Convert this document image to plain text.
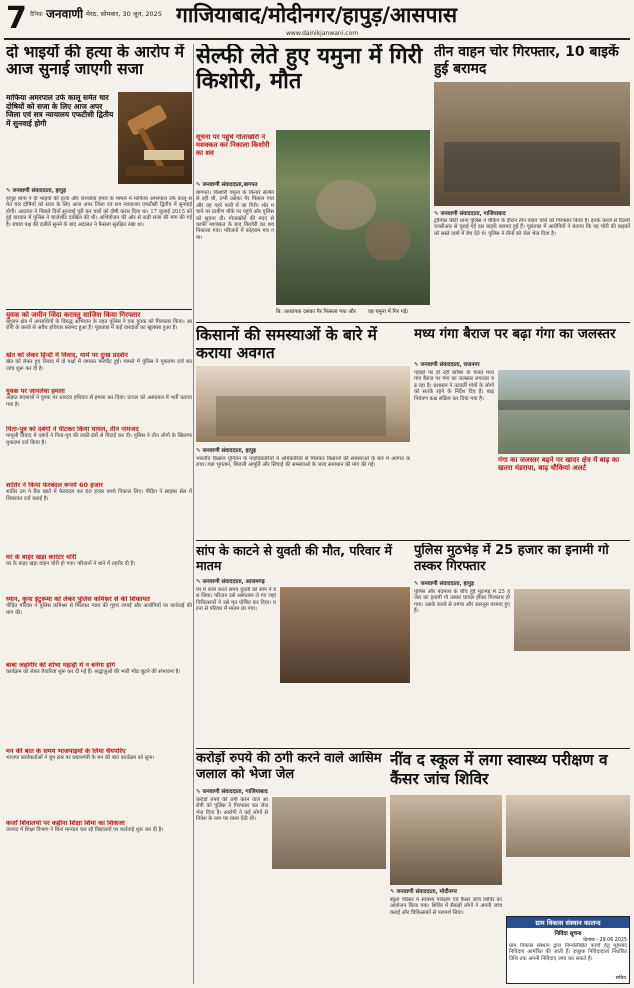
7 दैनिक जनवाणी मेरठ, सोमवार, 30 जून, 2025 गाजियाबाद/मोदीनगर/हापुड़/आसपास
www.dainikjanwani.com
दो भाइयों की हत्या के आरोप में आज सुनाई जाएगी सजा
माफिया अमरपाल उर्फ कालू समेत चार दोषियों को सजा के लिए आज अपर जिला एवं सत्र न्यायालय एफटीसी द्वितीय में सुनवाई होगी
✎ जनवाणी संवाददाता, हापुड़
हापुड़ थाना नं दो भाइयों की हत्या और जानलेवा हमले के मामले में माफिया अमरपाल उर्फ कालू समेत चार दोषियों को सजा के लिए आज अपर जिला एवं सत्र न्यायालय एफटीसी द्वितीय में सुनवाई होगी। अदालत ने पिछले दिनों सुनवाई पूरी कर चारों को दोषी करार दिया था। 17 जुलाई 2015 को हुई वारदात में पुलिस ने चार्जशीट दाखिल की थी। अभियोजन की ओर से कड़ी सजा की मांग की गई है। बचाव पक्ष की दलीलें सुनने के बाद अदालत ने फैसला सुरक्षित रखा था।
सेल्फी लेते हुए यमुना में गिरी किशोरी, मौत
सूचना पर पहुंचे गोताखोरों ने मशक्कत कर निकाला किशोरी का शव
✎ जनवाणी संवाददाता,बागपत
बागपत। किशोरी यमुना के किनारे सेल्फी ले रही थी, तभी उसका पैर फिसल गया और वह गहरे पानी में जा गिरी। शोर मचाने पर ग्रामीण मौके पर पहुंचे और पुलिस को सूचना दी। गोताखोरों की मदद से काफी मशक्कत के बाद किशोरी का शव निकाला गया। परिजनों में कोहराम मच गया।
बि: अध्यापक दसका पैर फिसला गया और वह यमुना में गिर गई।
तीन वाहन चोर गिरफ्तार, 10 बाइकें हुई बरामद
✎ जनवाणी संवाददाता, गाजियाबाद
ट्रोनिका सिटी थाना पुलिस ने चेकिंग के दौरान तीन वाहन चोरों को गिरफ्तार किया है। इनके कब्जे से दिल्ली एनसीआर से चुराई गई दस बाइकें बरामद हुई हैं। पूछताछ में आरोपियों ने बताया कि वह चोरी की बाइकों को सस्ते दामों में बेच देते थे। पुलिस ने तीनों को जेल भेज दिया है।
युवक को जमीन जिंदा करास्तु साजिश किया गिरफ्तार
बहुजन क्षेत्र में अपराधियों के विरुद्ध अभियान के तहत पुलिस ने एक युवक को गिरफ्तार किया। आरोपी के कब्जे से अवैध हथियार बरामद हुआ है। पूछताछ में कई वारदातों का खुलासा हुआ है।
खेत को लेकर हिन्दी में विवाद, मामे पर दुःख प्रदर्शन
खेत को लेकर हुए विवाद में दो पक्षों में जमकर मारपीट हुई। मामले में पुलिस ने मुकदमा दर्ज कर जांच शुरू कर दी है।
युवक पर जानलेवा हमला
अज्ञात बदमाशों ने युवक पर धारदार हथियार से हमला कर दिया। घायल को अस्पताल में भर्ती कराया गया है।
पिता-पुत्र को दबंगों ने पीटकर किया घायल, तीन नामजद
मामूली विवाद में दबंगों ने पिता-पुत्र की लाठी-डंडों से पिटाई कर दी। पुलिस ने तीन लोगों के खिलाफ मुकदमा दर्ज किया है।
शातिर ने किया फेरबदल रूपये 60 हजार
शातिर ठग ने बैंक खाते में फेरबदल कर 60 हजार रुपये निकाल लिए। पीड़ित ने साइबर सेल में शिकायत दर्ज कराई है।
घर के बाहर खड़ा कारंटर चोरी
घर के बाहर खड़ा वाहन चोरी हो गया। परिजनों ने थाने में तहरीर दी है।
ध्यान, कृपा इंटुरूमा को लेकर पुलिस कमिश्नर से की शिकायत
पीड़ित परिवार ने पुलिस कमिश्नर से मिलकर न्याय की गुहार लगाई और आरोपियों पर कार्रवाई की मांग की।
बाबा जहांगीर की शोभा महाही में न बनेगा होगे
कार्यक्रम को लेकर तैयारियां शुरू कर दी गई हैं। श्रद्धालुओं की भारी भीड़ जुटने की संभावना है।
मन की बात के समय भाजपाइयों के लिया चैयपरिए
भाजपा कार्यकर्ताओं ने बूथ स्तर पर प्रधानमंत्री के मन की बात कार्यक्रम को सुना।
कर्जों शिवालयों पर कहीना शिक्षा शिमा का शिकंजा
जनपद में शिक्षा विभाग ने बिना मान्यता चल रहे विद्यालयों पर कार्रवाई शुरू कर दी है।
किसानों की समस्याओं के बारे में कराया अवगत
✎ जनवाणी संवाददाता, हापुड़
भारतीय किसान यूनियन के पदाधिकारियों ने अधिकारियों से मिलकर किसानों की समस्याओं के बारे में अवगत कराया। गन्ना भुगतान, बिजली आपूर्ति और सिंचाई की समस्याओं के जल्द समाधान की मांग की गई।
मध्य गंगा बैराज पर बढ़ा गंगा का जलस्तर
✎ जनवाणी संवाददाता, राजनगर
पहाड़ों पर हो रही बारिश के चलते मध्य गंगा बैराज पर गंगा का जलस्तर लगातार बढ़ रहा है। प्रशासन ने तटवर्ती गांवों के लोगों को सतर्क रहने के निर्देश दिए हैं। बाढ़ नियंत्रण कक्ष सक्रिय कर दिया गया है।
गंगा का जलस्तर बढ़ने पर खादर क्षेत्र में बाढ़ का खतरा मंडराया, बाढ़ चौकियां अलर्ट
सांप के काटने से युवती की मौत, परिवार में मातम
✎ जनवाणी संवाददाता, आजमगढ़
घर में काम करते समय युवती को सांप ने डस लिया। परिजन उसे अस्पताल ले गए जहां चिकित्सकों ने उसे मृत घोषित कर दिया। घटना से परिवार में मातम छा गया।
पुलिस मुठभेड़ में 25 हजार का इनामी गो तस्कर गिरफ्तार
✎ जनवाणी संवाददाता, हापुड़
पुलिस और बदमाश के बीच हुई मुठभेड़ में 25 हजार का इनामी गो तस्कर घायल होकर गिरफ्तार हो गया। उसके कब्जे से तमंचा और कारतूस बरामद हुए हैं।
करोड़ों रुपये की ठगी करने वाले आसिम जलाल को भेजा जेल
✎ जनवाणी संवाददाता, गाजियाबाद
करोड़ों रुपये की ठगी करने वाले आरोपी को पुलिस ने गिरफ्तार कर जेल भेज दिया है। आरोपी ने कई लोगों से निवेश के नाम पर रकम ऐंठी थी।
नींव द स्कूल में लगा स्वास्थ्य परीक्षण व कैंसर जांच शिविर
✎ जनवाणी संवाददाता, मोदीनगर
स्कूल परिसर में स्वास्थ्य परीक्षण एवं कैंसर जांच शिविर का आयोजन किया गया। शिविर में सैकड़ों लोगों ने अपनी जांच कराई और चिकित्सकों से परामर्श लिया।
ग्राम विकास संस्थान कालन्द
निविदा सूचना
दिनांक - 29.06.2025
ग्राम विकास संस्थान द्वारा निम्नलिखित कार्यों हेतु मुहरबंद निविदाएं आमंत्रित की जाती हैं। इच्छुक निविदादाता निर्धारित तिथि तक अपनी निविदाएं जमा कर सकते हैं।
सचिव
